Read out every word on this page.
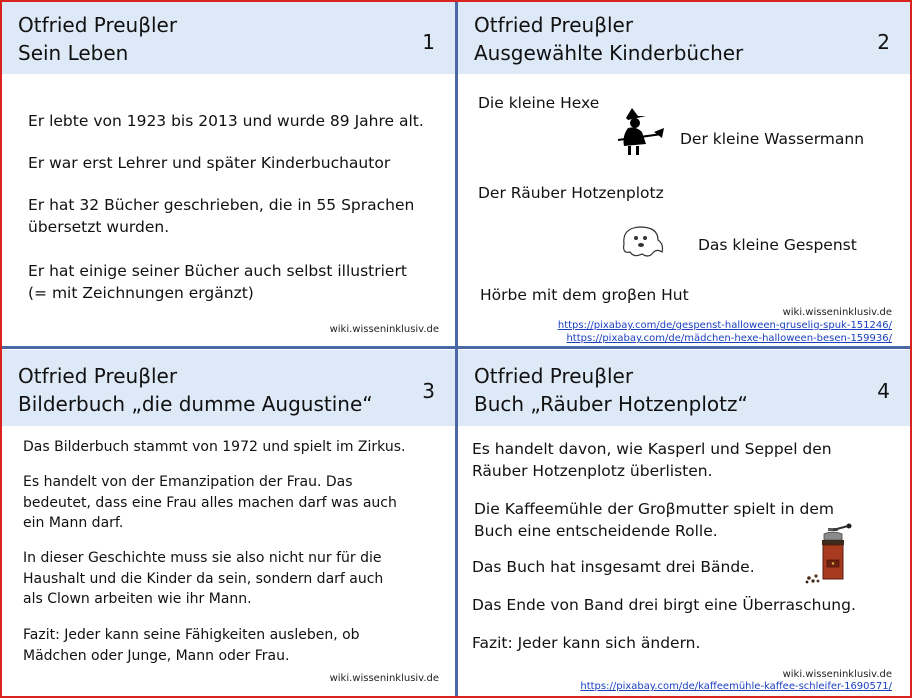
Otfried Preuβler
Sein Leben	1
Er lebte von 1923 bis 2013 und wurde 89 Jahre alt.
Er war erst Lehrer und später Kinderbuchautor
Er hat 32 Bücher geschrieben, die in 55 Sprachen
übersetzt wurden.
Er hat einige seiner Bücher auch selbst illustriert
(= mit Zeichnungen ergänzt)
wiki.wisseninklusiv.de
Otfried Preuβler
Ausgewählte Kinderbücher	2
Die kleine Hexe
Der kleine Wassermann
Der Räuber Hotzenplotz
Das kleine Gespenst
Hörbe mit dem groβen Hut
wiki.wisseninklusiv.de
https://pixabay.com/de/gespenst-halloween-gruselig-spuk-151246/
https://pixabay.com/de/mädchen-hexe-halloween-besen-159936/
Otfried Preuβler
Bilderbuch „die dumme Augustine“
3
Das Bilderbuch stammt von 1972 und spielt im Zirkus.
Es handelt von der Emanzipation der Frau. Das
bedeutet, dass eine Frau alles machen darf was auch
ein Mann darf.
In dieser Geschichte muss sie also nicht nur für die
Haushalt und die Kinder da sein, sondern darf auch
als Clown arbeiten wie ihr Mann.
Fazit: Jeder kann seine Fähigkeiten ausleben, ob
Mädchen oder Junge, Mann oder Frau.
wiki.wisseninklusiv.de
Otfried Preuβler
Buch „Räuber Hotzenplotz“
4
Es handelt davon, wie Kasperl und Seppel den
Räuber Hotzenplotz überlisten.
Die Kaffeemühle der Groβmutter spielt in dem
Buch eine entscheidende Rolle.
Das Buch hat insgesamt drei Bände.
Das Ende von Band drei birgt eine Überraschung.
Fazit: Jeder kann sich ändern.
wiki.wisseninklusiv.de
https://pixabay.com/de/kaffeemühle-kaffee-schleifer-1690571/
